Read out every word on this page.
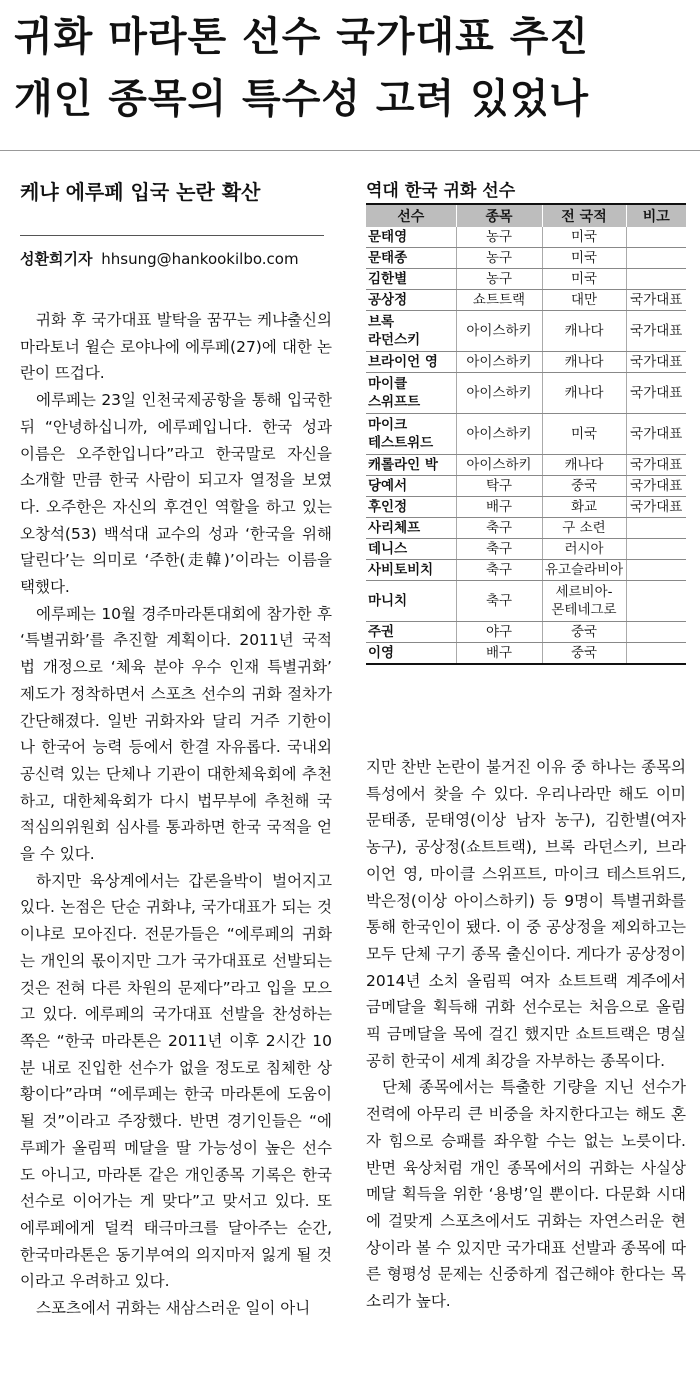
귀화 마라톤 선수 국가대표 추진
개인 종목의 특수성 고려 있었나
케냐 에루페 입국 논란 확산
성환희기자 hhsung@hankookilbo.com

귀화 후 국가대표 발탁을 꿈꾸는 케냐출신의 마라토너 윌슨 로야나에 에루페(27)에 대한 논란이 뜨겁다.

에루페는 23일 인천국제공항을 통해 입국한 뒤 “안녕하십니까, 에루페입니다. 한국 성과 이름은 오주한입니다”라고 한국말로 자신을 소개할 만큼 한국 사람이 되고자 열정을 보였다. 오주한은 자신의 후견인 역할을 하고 있는 오창석(53) 백석대 교수의 성과 ‘한국을 위해 달린다’는 의미로 ‘주한(走韓)’이라는 이름을 택했다.

에루페는 10월 경주마라톤대회에 참가한 후 ‘특별귀화’를 추진할 계획이다. 2011년 국적법 개정으로 ‘체육 분야 우수 인재 특별귀화’ 제도가 정착하면서 스포츠 선수의 귀화 절차가 간단해졌다. 일반 귀화자와 달리 거주 기한이나 한국어 능력 등에서 한결 자유롭다. 국내외 공신력 있는 단체나 기관이 대한체육회에 추천하고, 대한체육회가 다시 법무부에 추천해 국적심의위원회 심사를 통과하면 한국 국적을 얻을 수 있다.

하지만 육상계에서는 갑론을박이 벌어지고 있다. 논점은 단순 귀화냐, 국가대표가 되는 것이냐로 모아진다. 전문가들은 “에루페의 귀화는 개인의 몫이지만 그가 국가대표로 선발되는 것은 전혀 다른 차원의 문제다”라고 입을 모으고 있다. 에루페의 국가대표 선발을 찬성하는 쪽은 “한국 마라톤은 2011년 이후 2시간 10분 내로 진입한 선수가 없을 정도로 침체한 상황이다”라며 “에루페는 한국 마라톤에 도움이 될 것”이라고 주장했다. 반면 경기인들은 “에루페가 올림픽 메달을 딸 가능성이 높은 선수도 아니고, 마라톤 같은 개인종목 기록은 한국 선수로 이어가는 게 맞다”고 맞서고 있다. 또 에루페에게 덜컥 태극마크를 달아주는 순간, 한국마라톤은 동기부여의 의지마저 잃게 될 것이라고 우려하고 있다.

스포츠에서 귀화는 새삼스러운 일이 아니

역대 한국 귀화 선수
선수	종목	전 국적	비고
문태영	농구	미국	
문태종	농구	미국	
김한별	농구	미국	
공상정	쇼트트랙	대만	국가대표
브록
라던스키	아이스하키	캐나다	국가대표
브라이언 영	아이스하키	캐나다	국가대표
마이클
스위프트	아이스하키	캐나다	국가대표
마이크
테스트위드	아이스하키	미국	국가대표
캐롤라인 박	아이스하키	캐나다	국가대표
당예서	탁구	중국	국가대표
후인정	배구	화교	국가대표
사리체프	축구	구 소련	
데니스	축구	러시아	
사비토비치	축구	유고슬라비아	
마니치	축구	세르비아-
몬테네그로	
주권	야구	중국	
이영	배구	중국	

지만 찬반 논란이 불거진 이유 중 하나는 종목의 특성에서 찾을 수 있다. 우리나라만 해도 이미 문태종, 문태영(이상 남자 농구), 김한별(여자 농구), 공상정(쇼트트랙), 브록 라던스키, 브라이언 영, 마이클 스위프트, 마이크 테스트위드, 박은정(이상 아이스하키) 등 9명이 특별귀화를 통해 한국인이 됐다. 이 중 공상정을 제외하고는 모두 단체 구기 종목 출신이다. 게다가 공상정이 2014년 소치 올림픽 여자 쇼트트랙 계주에서 금메달을 획득해 귀화 선수로는 처음으로 올림픽 금메달을 목에 걸긴 했지만 쇼트트랙은 명실 공히 한국이 세계 최강을 자부하는 종목이다.

단체 종목에서는 특출한 기량을 지닌 선수가 전력에 아무리 큰 비중을 차지한다고는 해도 혼자 힘으로 승패를 좌우할 수는 없는 노릇이다. 반면 육상처럼 개인 종목에서의 귀화는 사실상 메달 획득을 위한 ‘용병’일 뿐이다. 다문화 시대에 걸맞게 스포츠에서도 귀화는 자연스러운 현상이라 볼 수 있지만 국가대표 선발과 종목에 따른 형평성 문제는 신중하게 접근해야 한다는 목소리가 높다.
